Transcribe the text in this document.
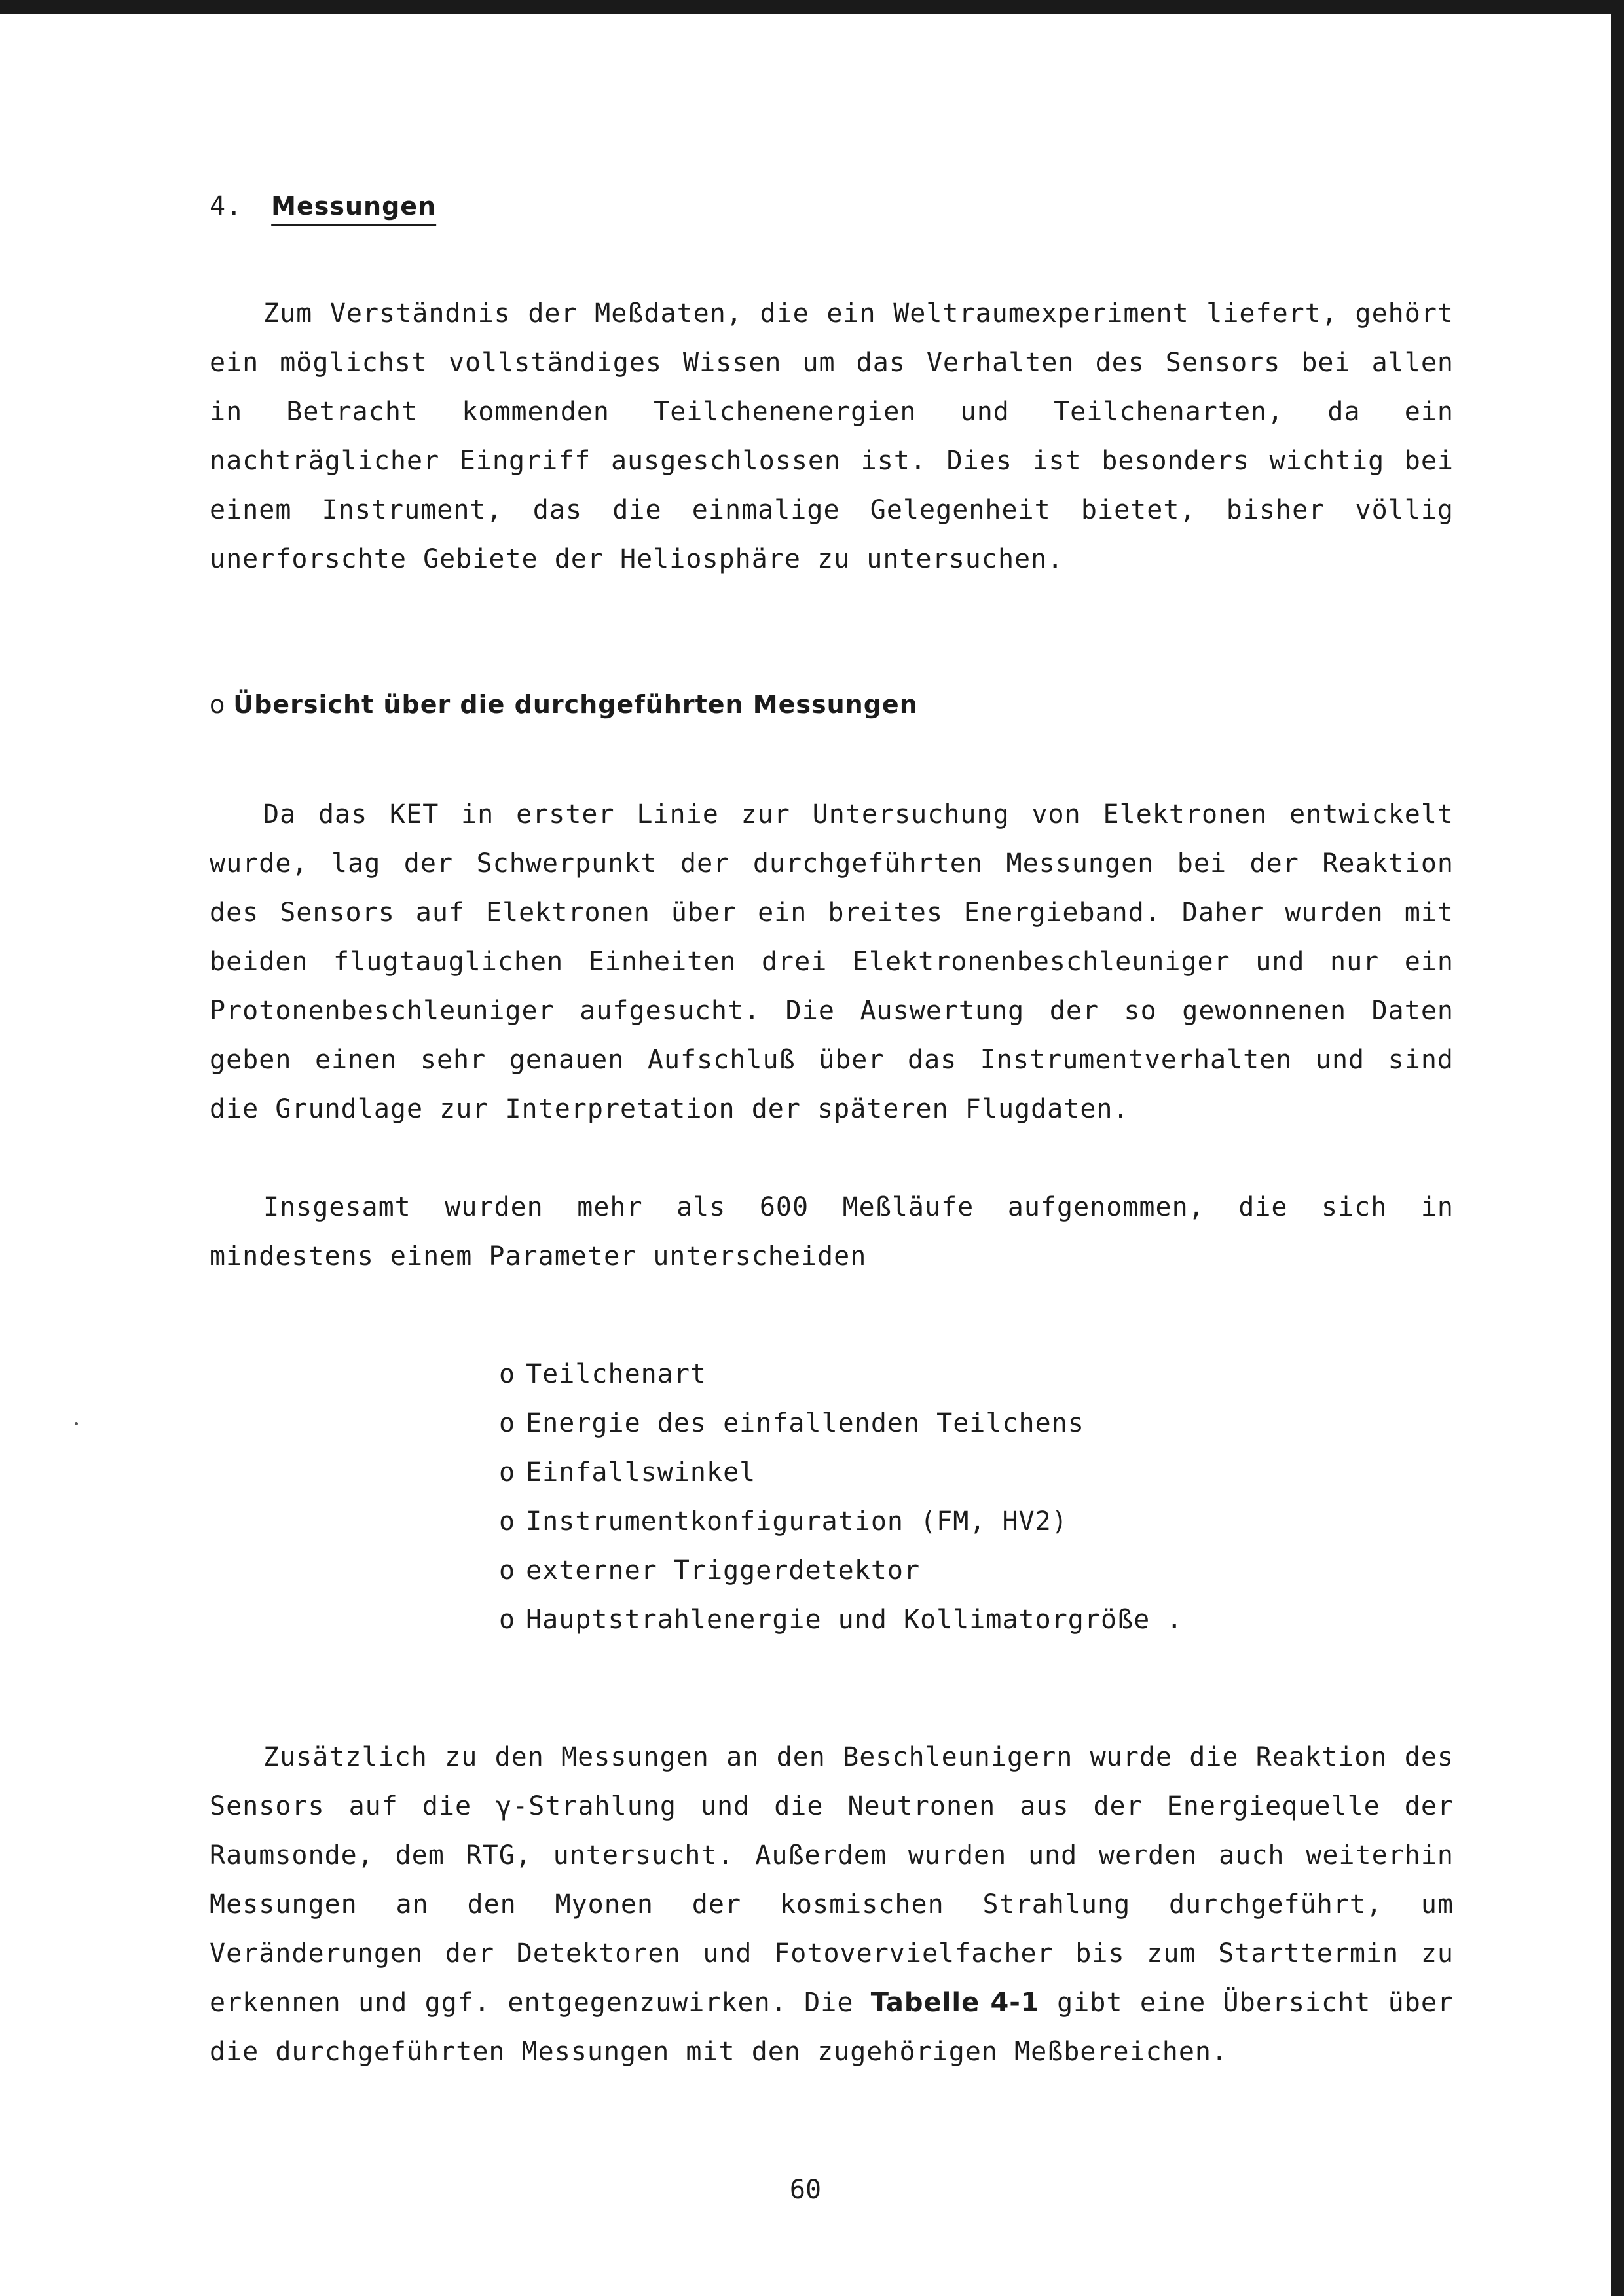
4. Messungen

Zum Verständnis der Meßdaten, die ein Weltraumexperiment liefert, gehört ein möglichst vollständiges Wissen um das Verhalten des Sensors bei allen in Betracht kommenden Teilchenenergien und Teilchenarten, da ein nachträglicher Eingriff ausgeschlossen ist. Dies ist besonders wichtig bei einem Instrument, das die einmalige Gelegenheit bietet, bisher völlig unerforschte Gebiete der Heliosphäre zu untersuchen.

o Übersicht über die durchgeführten Messungen

Da das KET in erster Linie zur Untersuchung von Elektronen entwickelt wurde, lag der Schwerpunkt der durchgeführten Messungen bei der Reaktion des Sensors auf Elektronen über ein breites Energieband. Daher wurden mit beiden flugtauglichen Einheiten drei Elektronenbeschleuniger und nur ein Protonenbeschleuniger aufgesucht. Die Auswertung der so gewonnenen Daten geben einen sehr genauen Aufschluß über das Instrumentverhalten und sind die Grundlage zur Interpretation der späteren Flugdaten.

Insgesamt wurden mehr als 600 Meßläufe aufgenommen, die sich in mindestens einem Parameter unterscheiden

o Teilchenart
o Energie des einfallenden Teilchens
o Einfallswinkel
o Instrumentkonfiguration (FM, HV2)
o externer Triggerdetektor
o Hauptstrahlenergie und Kollimatorgröße .

Zusätzlich zu den Messungen an den Beschleunigern wurde die Reaktion des Sensors auf die γ-Strahlung und die Neutronen aus der Energiequelle der Raumsonde, dem RTG, untersucht. Außerdem wurden und werden auch weiterhin Messungen an den Myonen der kosmischen Strahlung durchgeführt, um Veränderungen der Detektoren und Fotovervielfacher bis zum Starttermin zu erkennen und ggf. entgegenzuwirken. Die Tabelle 4-1 gibt eine Übersicht über die durchgeführten Messungen mit den zugehörigen Meßbereichen.

60
